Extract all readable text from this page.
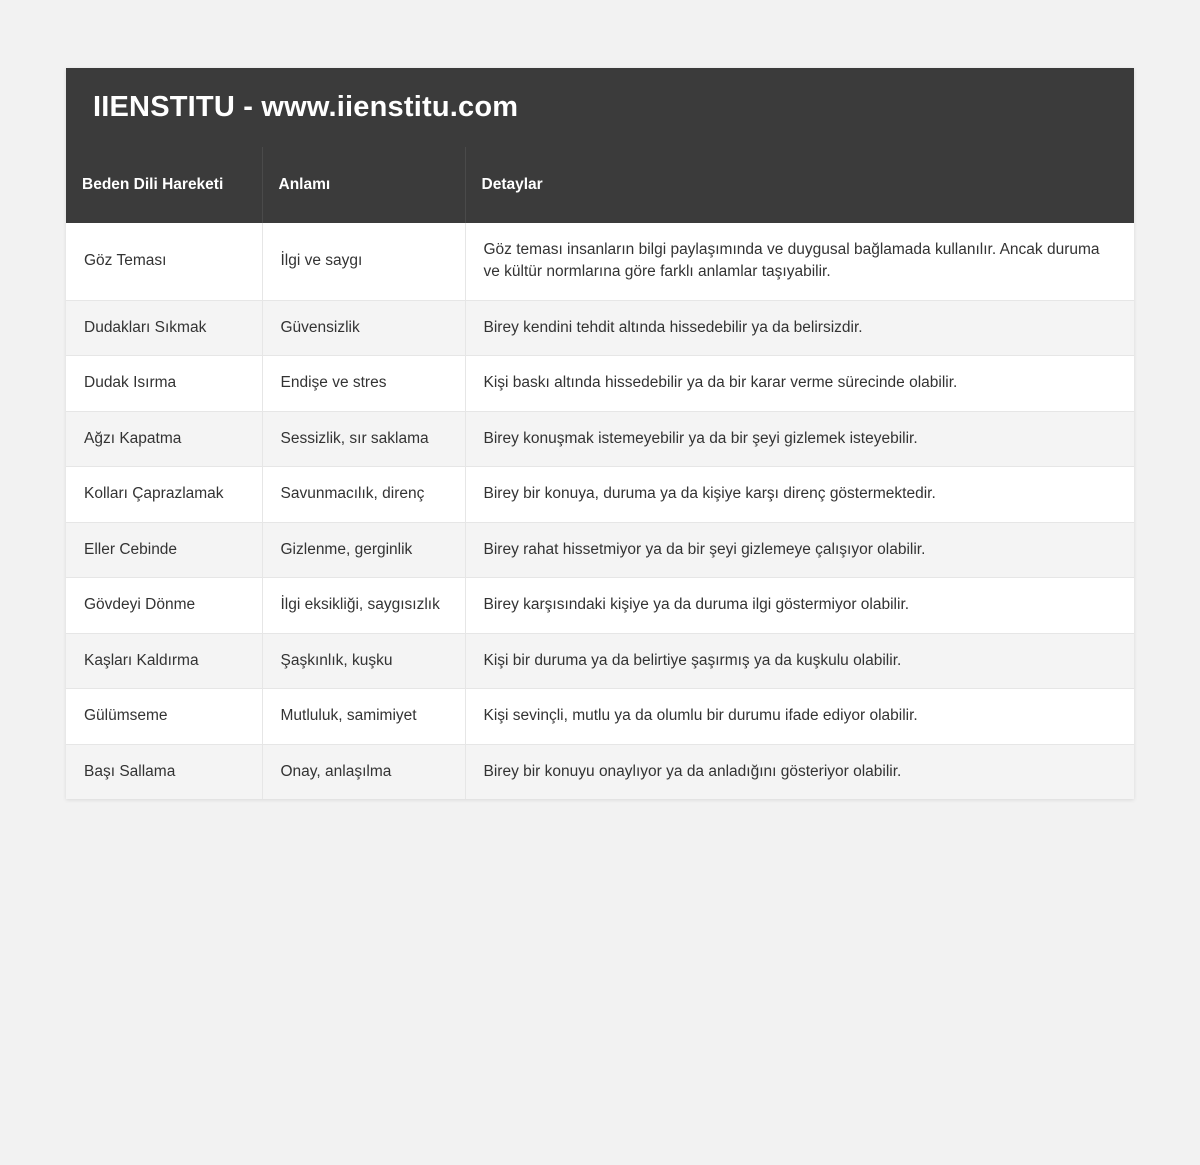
IIENSTITU - www.iienstitu.com
Beden Dili Hareketi	Anlamı	Detaylar
Göz Teması	İlgi ve saygı	Göz teması insanların bilgi paylaşımında ve duygusal bağlamada kullanılır. Ancak duruma ve kültür normlarına göre farklı anlamlar taşıyabilir.
Dudakları Sıkmak	Güvensizlik	Birey kendini tehdit altında hissedebilir ya da belirsizdir.
Dudak Isırma	Endişe ve stres	Kişi baskı altında hissedebilir ya da bir karar verme sürecinde olabilir.
Ağzı Kapatma	Sessizlik, sır saklama	Birey konuşmak istemeyebilir ya da bir şeyi gizlemek isteyebilir.
Kolları Çaprazlamak	Savunmacılık, direnç	Birey bir konuya, duruma ya da kişiye karşı direnç göstermektedir.
Eller Cebinde	Gizlenme, gerginlik	Birey rahat hissetmiyor ya da bir şeyi gizlemeye çalışıyor olabilir.
Gövdeyi Dönme	İlgi eksikliği, saygısızlık	Birey karşısındaki kişiye ya da duruma ilgi göstermiyor olabilir.
Kaşları Kaldırma	Şaşkınlık, kuşku	Kişi bir duruma ya da belirtiye şaşırmış ya da kuşkulu olabilir.
Gülümseme	Mutluluk, samimiyet	Kişi sevinçli, mutlu ya da olumlu bir durumu ifade ediyor olabilir.
Başı Sallama	Onay, anlaşılma	Birey bir konuyu onaylıyor ya da anladığını gösteriyor olabilir.
